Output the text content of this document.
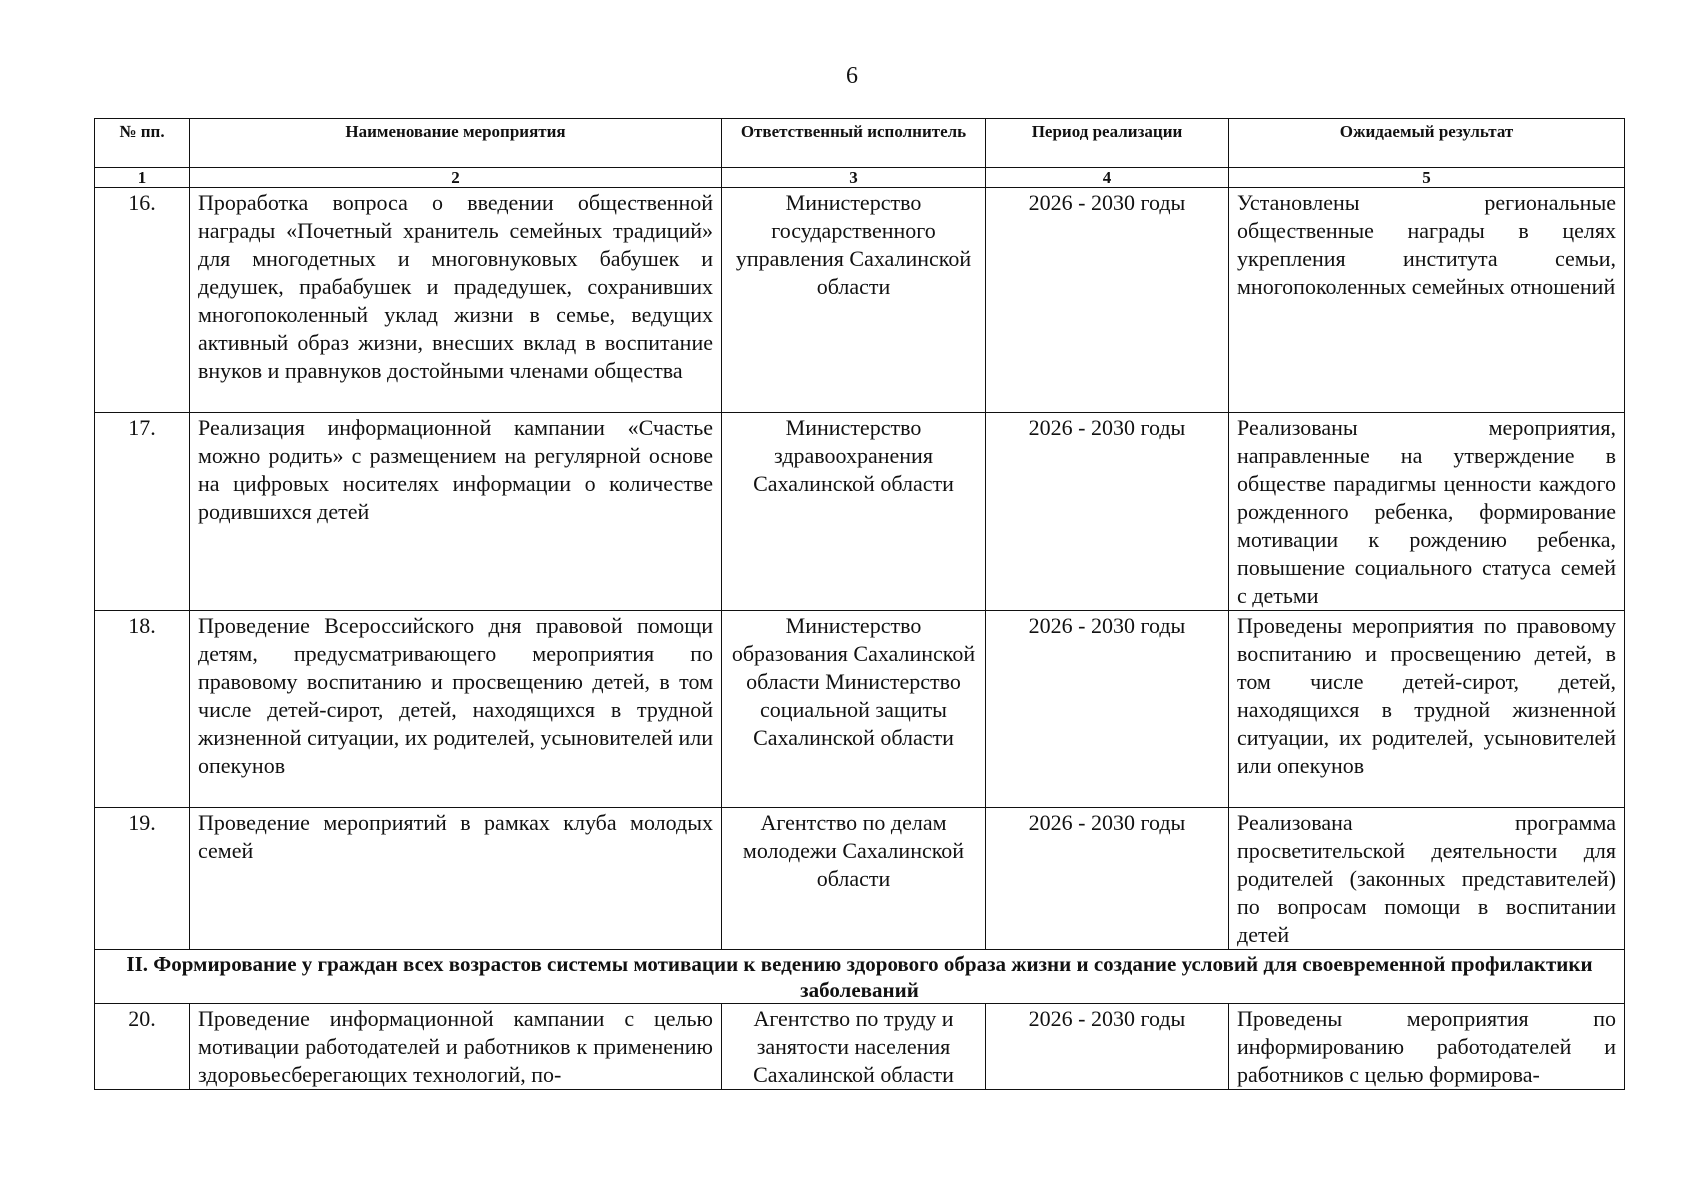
6
№ пп.	Наименование мероприятия	Ответственный исполнитель	Период реализации	Ожидаемый результат
1	2	3	4	5
16.	Проработка вопроса о введении общественной награды «Почетный хранитель семейных традиций» для многодетных и многовнуковых бабушек и дедушек, прабабушек и прадедушек, сохранивших многопоколенный уклад жизни в семье, ведущих активный образ жизни, внесших вклад в воспитание внуков и правнуков достойными членами общества	Министерство государственного управления Сахалинской области	2026 - 2030 годы	Установлены региональные общественные награды в целях укрепления института семьи, многопоколенных семейных отношений
17.	Реализация информационной кампании «Счастье можно родить» с размещением на регулярной основе на цифровых носителях информации о количестве родившихся детей	Министерство здравоохранения Сахалинской области	2026 - 2030 годы	Реализованы мероприятия, направленные на утверждение в обществе парадигмы ценности каждого рожденного ребенка, формирование мотивации к рождению ребенка, повышение социального статуса семей с детьми
18.	Проведение Всероссийского дня правовой помощи детям, предусматривающего мероприятия по правовому воспитанию и просвещению детей, в том числе детей-сирот, детей, находящихся в трудной жизненной ситуации, их родителей, усыновителей или опекунов	Министерство образования Сахалинской области Министерство социальной защиты Сахалинской области	2026 - 2030 годы	Проведены мероприятия по правовому воспитанию и просвещению детей, в том числе детей-сирот, детей, находящихся в трудной жизненной ситуации, их родителей, усыновителей или опекунов
19.	Проведение мероприятий в рамках клуба молодых семей	Агентство по делам молодежи Сахалинской области	2026 - 2030 годы	Реализована программа просветительской деятельности для родителей (законных представителей) по вопросам помощи в воспитании детей
II. Формирование у граждан всех возрастов системы мотивации к ведению здорового образа жизни и создание условий для своевременной профилактики заболеваний				
20.	Проведение информационной кампании с целью мотивации работодателей и работников к применению здоровьесберегающих технологий, по-	Агентство по труду и занятости населения Сахалинской области	2026 - 2030 годы	Проведены мероприятия по информированию работодателей и работников с целью формирова-
